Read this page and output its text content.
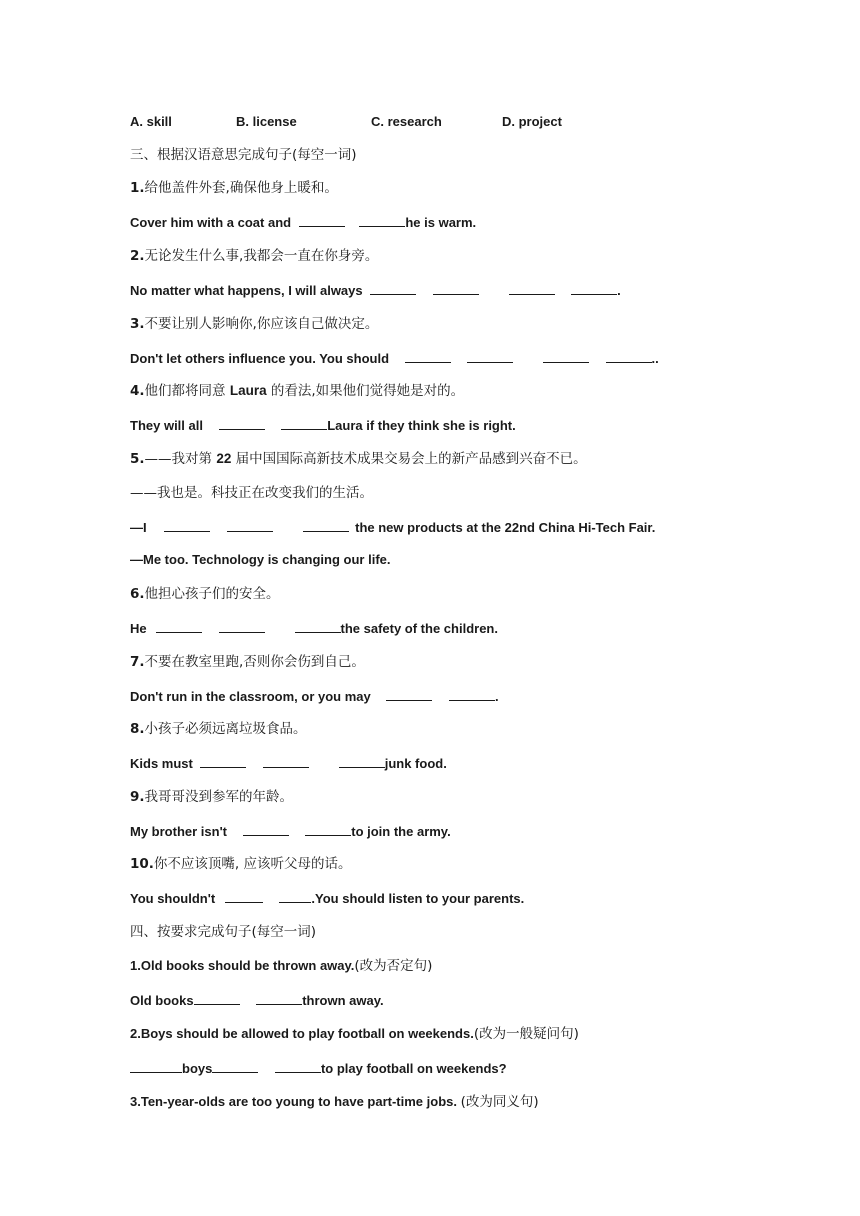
A. skill	B. license	C. research	D. project
三、根据汉语意思完成句子(每空一词)
1.给他盖件外套,确保他身上暖和。
Cover him with a coat and	he is warm.
2.无论发生什么事,我都会一直在你身旁。
No matter what happens, I will always	.
3.不要让别人影响你,你应该自己做决定。
Don't let others influence you. You should	..
4.他们都将同意 Laura 的看法,如果他们觉得她是对的。
They will all	Laura if they think she is right.
5.——我对第 22 届中国国际高新技术成果交易会上的新产品感到兴奋不已。
——我也是。科技正在改变我们的生活。
—I	the new products at the 22nd China Hi-Tech Fair.
—Me too. Technology is changing our life.
6.他担心孩子们的安全。
He	the safety of the children.
7.不要在教室里跑,否则你会伤到自己。
Don't run in the classroom, or you may	.
8.小孩子必须远离垃圾食品。
Kids must	junk food.
9.我哥哥没到参军的年龄。
My brother isn't	to join the army.
10.你不应该顶嘴, 应该听父母的话。
You shouldn't	.You should listen to your parents.
四、按要求完成句子(每空一词)
1.Old books should be thrown away.(改为否定句)
Old books	thrown away.
2.Boys should be allowed to play football on weekends.(改为一般疑问句)
boys	to play football on weekends?
3.Ten-year-olds are too young to have part-time jobs. (改为同义句)
